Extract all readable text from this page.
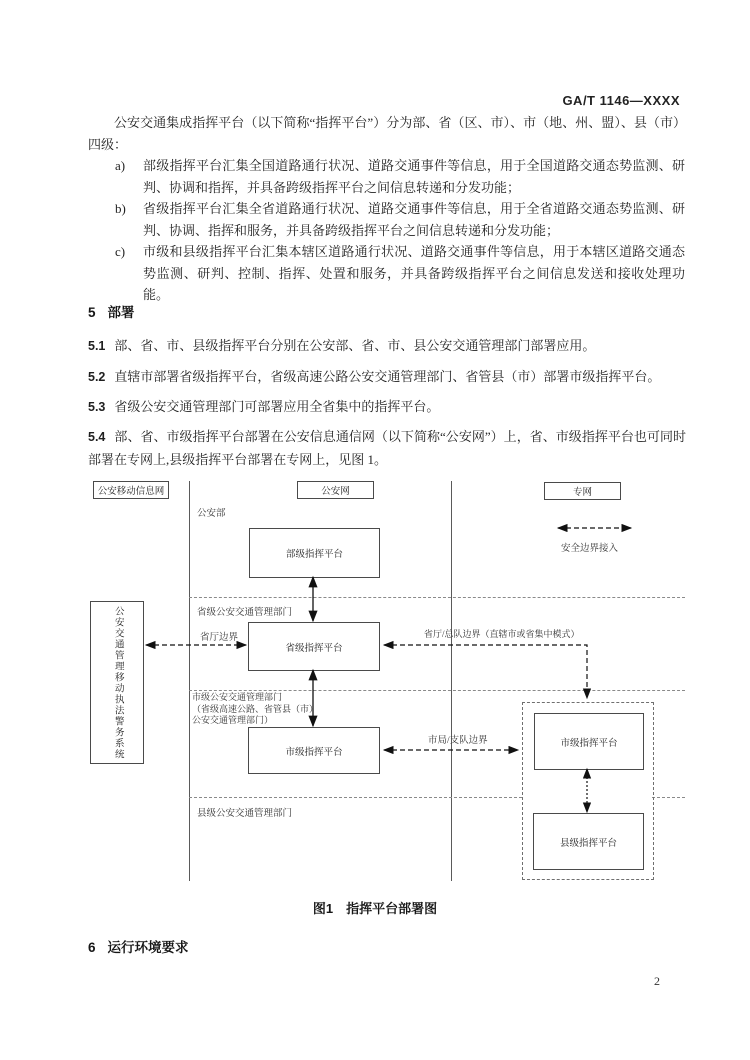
GA/T 1146—XXXX

公安交通集成指挥平台（以下简称“指挥平台”）分为部、省（区、市）、市（地、州、盟）、县（市）四级：

a)	部级指挥平台汇集全国道路通行状况、道路交通事件等信息，用于全国道路交通态势监测、研判、协调和指挥，并具备跨级指挥平台之间信息转递和分发功能；
b)	省级指挥平台汇集全省道路通行状况、道路交通事件等信息，用于全省道路交通态势监测、研判、协调、指挥和服务，并具备跨级指挥平台之间信息转递和分发功能；
c)	市级和县级指挥平台汇集本辖区道路通行状况、道路交通事件等信息，用于本辖区道路交通态势监测、研判、控制、指挥、处置和服务，并具备跨级指挥平台之间信息发送和接收处理功能。
5 部署

5.1 部、省、市、县级指挥平台分别在公安部、省、市、县公安交通管理部门部署应用。

5.2 直辖市部署省级指挥平台，省级高速公路公安交通管理部门、省管县（市）部署市级指挥平台。

5.3 省级公安交通管理部门可部署应用全省集中的指挥平台。

5.4 部、省、市级指挥平台部署在公安信息通信网（以下简称“公安网”）上，省、市级指挥平台也可同时部署在专网上,县级指挥平台部署在专网上，见图 1。

公安移动信息网	公安网	专网
公安部
省级公安交通管理部门
市级公安交通管理部门
（省级高速公路、省管县（市）
公安交通管理部门）
县级公安交通管理部门
部级指挥平台
省级指挥平台
市级指挥平台
公安交通管理移动执法警务系统	市级指挥平台
县级指挥平台
省厅边界	省厅/总队边界（直辖市或省集中模式）
市局/支队边界
安全边界接入
图1　指挥平台部署图
6 运行环境要求
2
